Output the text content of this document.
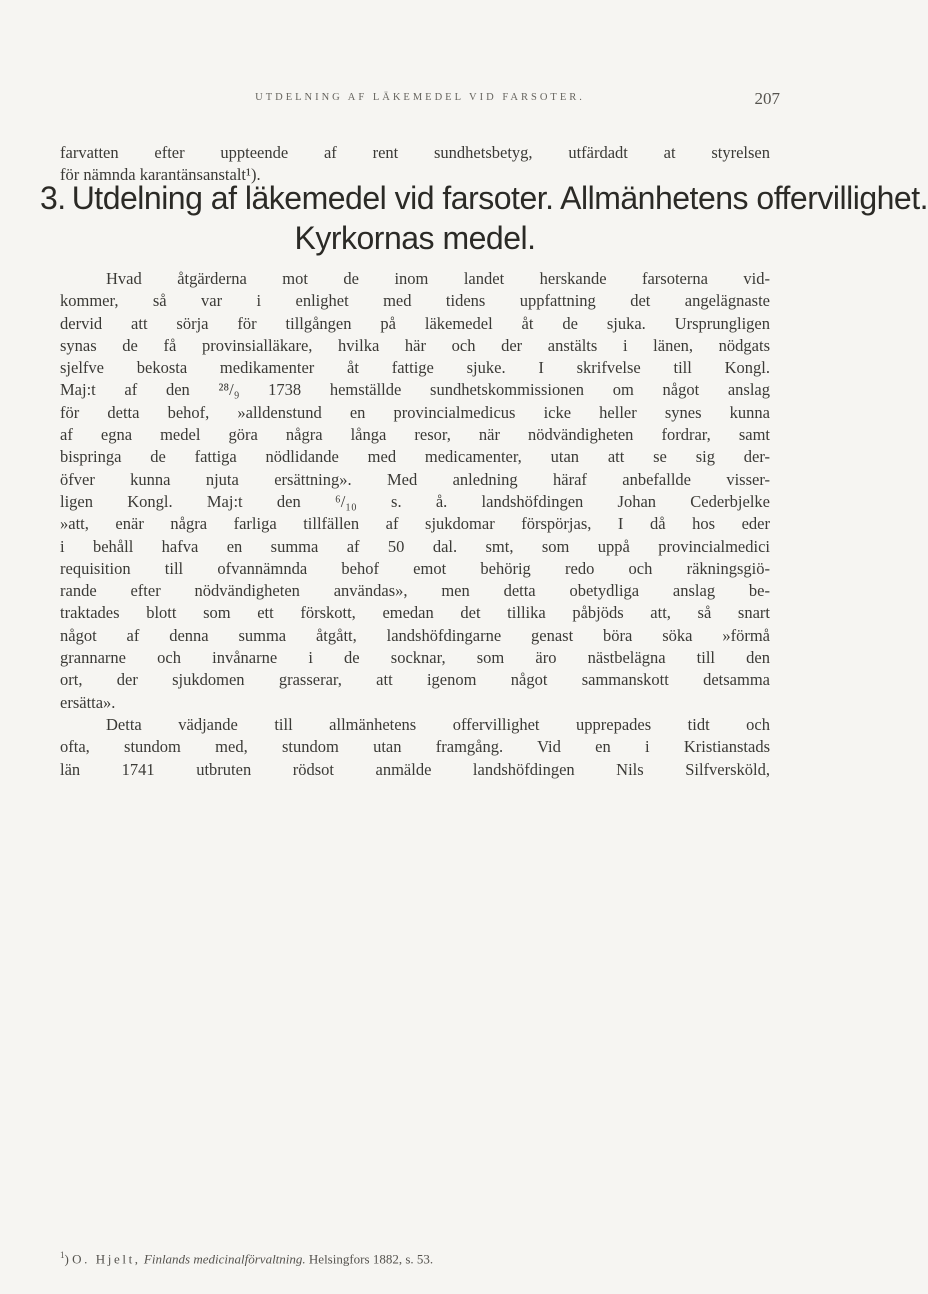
UTDELNING AF LÄKEMEDEL VID FARSOTER.	207
farvatten efter uppteende af rent sundhetsbetyg, utfärdadt at styrelsen
för nämnda karantänsanstalt¹).
3. Utdelning af läkemedel vid farsoter. Allmänhetens offervillighet.
Kyrkornas medel.
Hvad åtgärderna mot de inom landet herskande farsoterna vid-
kommer, så var i enlighet med tidens uppfattning det angelägnaste
dervid att sörja för tillgången på läkemedel åt de sjuka. Ursprungligen
synas de få provinsialläkare, hvilka här och der anstälts i länen, nödgats
sjelfve bekosta medikamenter åt fattige sjuke. I skrifvelse till Kongl.
Maj:t af den ²⁸/₉ 1738 hemställde sundhetskommissionen om något anslag
för detta behof, »alldenstund en provincialmedicus icke heller synes kunna
af egna medel göra några långa resor, när nödvändigheten fordrar, samt
bispringa de fattiga nödlidande med medicamenter, utan att se sig der-
öfver kunna njuta ersättning». Med anledning häraf anbefallde visser-
ligen Kongl. Maj:t den ⁶/₁₀ s. å. landshöfdingen Johan Cederbjelke
»att, enär några farliga tillfällen af sjukdomar förspörjas, I då hos eder
i behåll hafva en summa af 50 dal. smt, som uppå provincialmedici
requisition till ofvannämnda behof emot behörig redo och räkningsgiö-
rande efter nödvändigheten användas», men detta obetydliga anslag be-
traktades blott som ett förskott, emedan det tillika påbjöds att, så snart
något af denna summa åtgått, landshöfdingarne genast böra söka »förmå
grannarne och invånarne i de socknar, som äro nästbelägna till den
ort, der sjukdomen grasserar, att igenom något sammanskott detsamma
ersätta».
Detta vädjande till allmänhetens offervillighet upprepades tidt och
ofta, stundom med, stundom utan framgång. Vid en i Kristianstads
län 1741 utbruten rödsot anmälde landshöfdingen Nils Silfversköld,
$^1$) O. Hjelt, Finlands medicinalförvaltning. Helsingfors 1882, s. 53.
